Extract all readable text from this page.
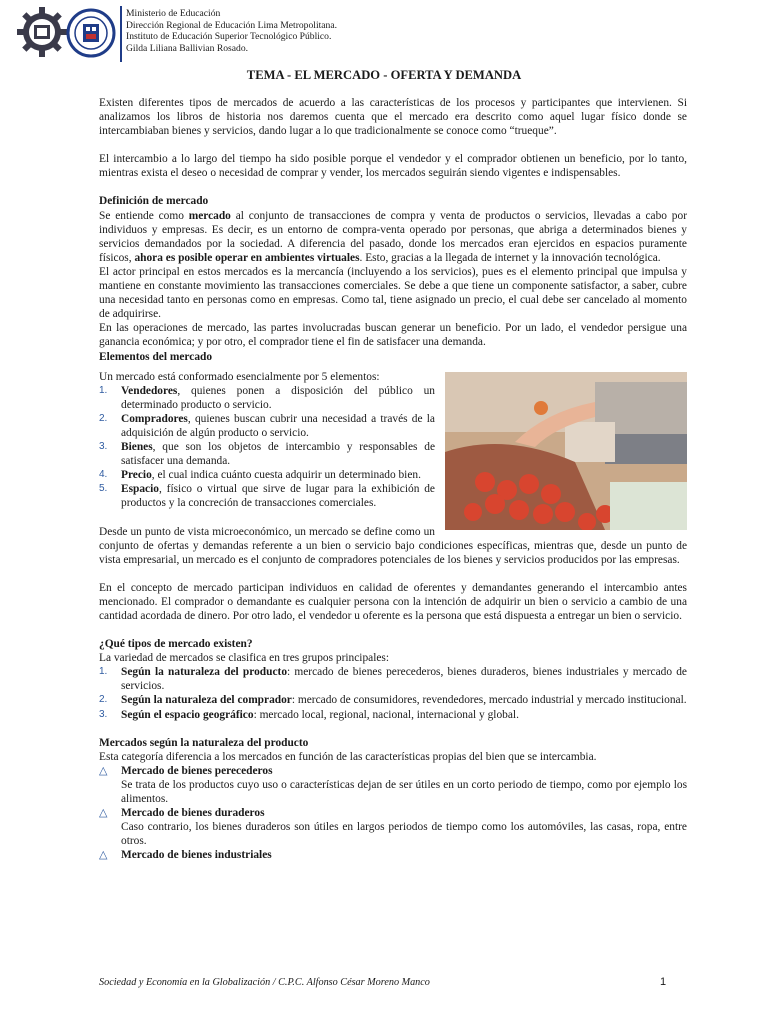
Ministerio de Educación
Dirección Regional de Educación Lima Metropolitana.
Instituto de Educación Superior Tecnológico Público.
Gilda Liliana Ballivian Rosado.
TEMA - EL MERCADO - OFERTA Y DEMANDA

Existen diferentes tipos de mercados de acuerdo a las características de los procesos y participantes que intervienen. Si analizamos los libros de historia nos daremos cuenta que el mercado era descrito como aquel lugar físico donde se intercambiaban bienes y servicios, dando lugar a lo que tradicionalmente se conoce como “trueque”.

El intercambio a lo largo del tiempo ha sido posible porque el vendedor y el comprador obtienen un beneficio, por lo tanto, mientras exista el deseo o necesidad de comprar y vender, los mercados seguirán siendo vigentes e indispensables.

Definición de mercado

Se entiende como mercado al conjunto de transacciones de compra y venta de productos o servicios, llevadas a cabo por individuos y empresas. Es decir, es un entorno de compra-venta operado por personas, que abriga a determinados bienes y servicios demandados por la sociedad. A diferencia del pasado, donde los mercados eran ejercidos en espacios puramente físicos, ahora es posible operar en ambientes virtuales. Esto, gracias a la llegada de internet y la innovación tecnológica.

El actor principal en estos mercados es la mercancía (incluyendo a los servicios), pues es el elemento principal que impulsa y mantiene en constante movimiento las transacciones comerciales. Se debe a que tiene un componente satisfactor, a saber, cubre una necesidad tanto en personas como en empresas. Como tal, tiene asignado un precio, el cual debe ser cancelado al momento de adquirirse.

En las operaciones de mercado, las partes involucradas buscan generar un beneficio. Por un lado, el vendedor persigue una ganancia económica; y por otro, el comprador tiene el fin de satisfacer una demanda.

Elementos del mercado

Un mercado está conformado esencialmente por 5 elementos:

1. Vendedores, quienes ponen a disposición del público un determinado producto o servicio.
2. Compradores, quienes buscan cubrir una necesidad a través de la adquisición de algún producto o servicio.
3. Bienes, que son los objetos de intercambio y responsables de satisfacer una demanda.
4. Precio, el cual indica cuánto cuesta adquirir un determinado bien.
5. Espacio, físico o virtual que sirve de lugar para la exhibición de productos y la concreción de transacciones comerciales.

Desde un punto de vista microeconómico, un mercado se define como un conjunto de ofertas y demandas referente a un bien o servicio bajo condiciones específicas, mientras que, desde un punto de vista empresarial, un mercado es el conjunto de compradores potenciales de los bienes y servicios producidos por las empresas.

En el concepto de mercado participan individuos en calidad de oferentes y demandantes generando el intercambio antes mencionado. El comprador o demandante es cualquier persona con la intención de adquirir un bien o servicio a cambio de una cantidad acordada de dinero. Por otro lado, el vendedor u oferente es la persona que está dispuesta a entregar un bien o servicio.

¿Qué tipos de mercado existen?

La variedad de mercados se clasifica en tres grupos principales:

1. Según la naturaleza del producto: mercado de bienes perecederos, bienes duraderos, bienes industriales y mercado de servicios.
2. Según la naturaleza del comprador: mercado de consumidores, revendedores, mercado industrial y mercado institucional.
3. Según el espacio geográfico: mercado local, regional, nacional, internacional y global.
Mercados según la naturaleza del producto

Esta categoría diferencia a los mercados en función de las características propias del bien que se intercambia.

△ Mercado de bienes perecederos
Se trata de los productos cuyo uso o características dejan de ser útiles en un corto periodo de tiempo, como por ejemplo los alimentos.
△ Mercado de bienes duraderos
Caso contrario, los bienes duraderos son útiles en largos periodos de tiempo como los automóviles, las casas, ropa, entre otros.
△ Mercado de bienes industriales
Sociedad y Economía en la Globalización / C.P.C. Alfonso César Moreno Manco	1
